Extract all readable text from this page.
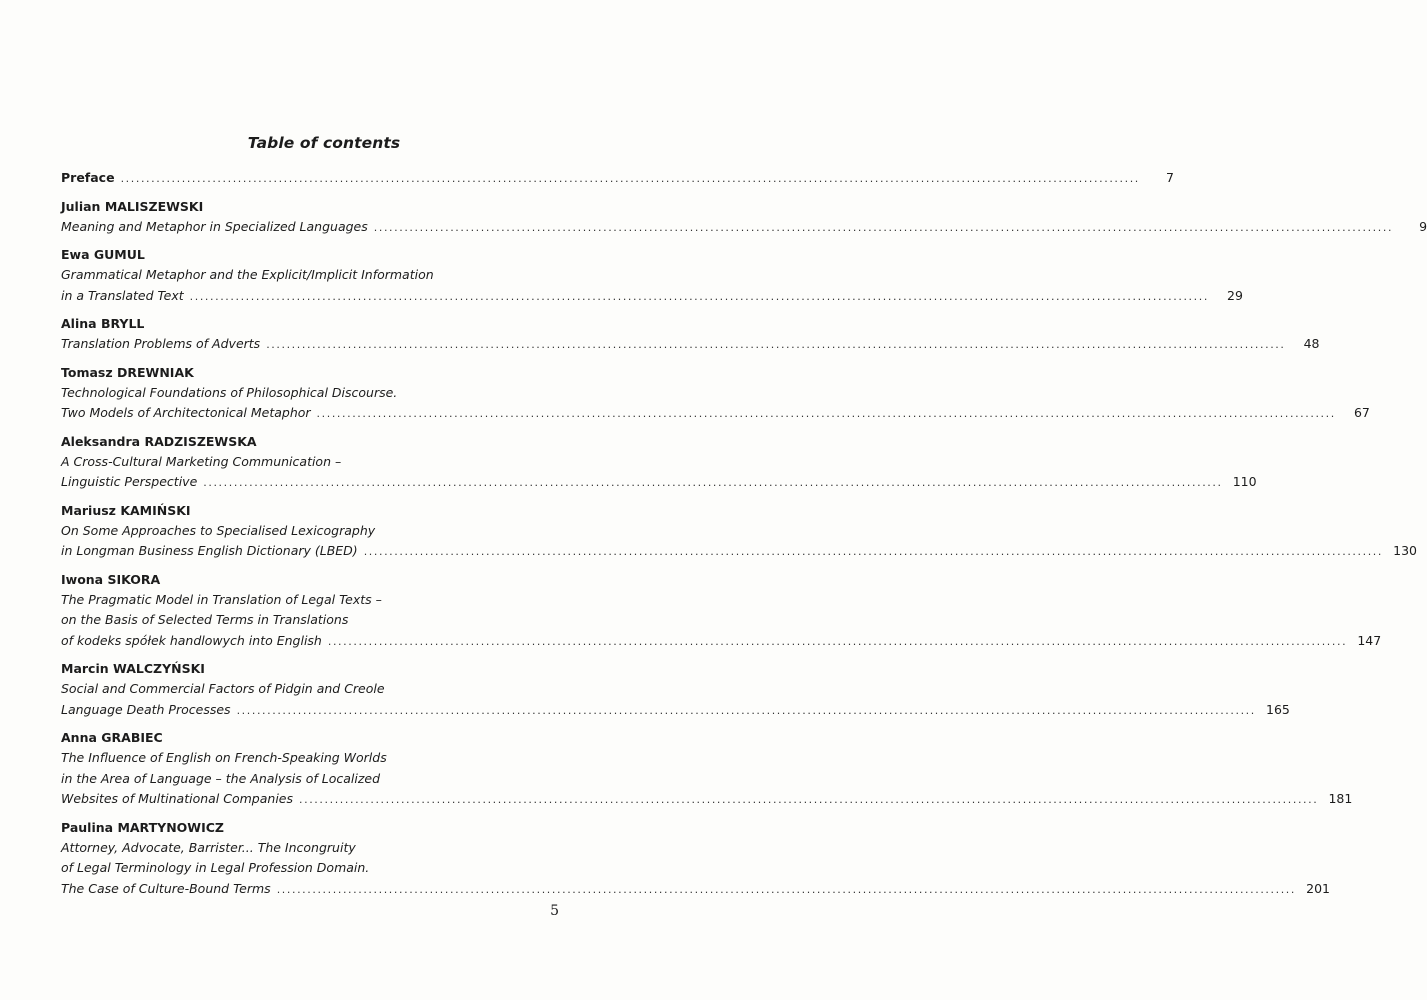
Table of contents
Preface ........................................................................................................................................................................................................	7
Julian MALISZEWSKI
Meaning and Metaphor in Specialized Languages ........................................................................................................................................................................................................	9
Ewa GUMUL
Grammatical Metaphor and the Explicit/Implicit Information
in a Translated Text ........................................................................................................................................................................................................	29
Alina BRYLL
Translation Problems of Adverts ........................................................................................................................................................................................................	48
Tomasz DREWNIAK
Technological Foundations of Philosophical Discourse.
Two Models of Architectonical Metaphor ........................................................................................................................................................................................................	67
Aleksandra RADZISZEWSKA
A Cross-Cultural Marketing Communication –
Linguistic Perspective ........................................................................................................................................................................................................ 110
Mariusz KAMIŃSKI
On Some Approaches to Specialised Lexicography
in Longman Business English Dictionary (LBED) ........................................................................................................................................................................................................ 130
Iwona SIKORA
The Pragmatic Model in Translation of Legal Texts –
on the Basis of Selected Terms in Translations
of kodeks spółek handlowych into English ........................................................................................................................................................................................................ 147
Marcin WALCZYŃSKI
Social and Commercial Factors of Pidgin and Creole
Language Death Processes ........................................................................................................................................................................................................ 165
Anna GRABIEC
The Influence of English on French-Speaking Worlds
in the Area of Language – the Analysis of Localized
Websites of Multinational Companies ........................................................................................................................................................................................................ 181
Paulina MARTYNOWICZ
Attorney, Advocate, Barrister... The Incongruity
of Legal Terminology in Legal Profession Domain.
The Case of Culture-Bound Terms ........................................................................................................................................................................................................ 201
5
